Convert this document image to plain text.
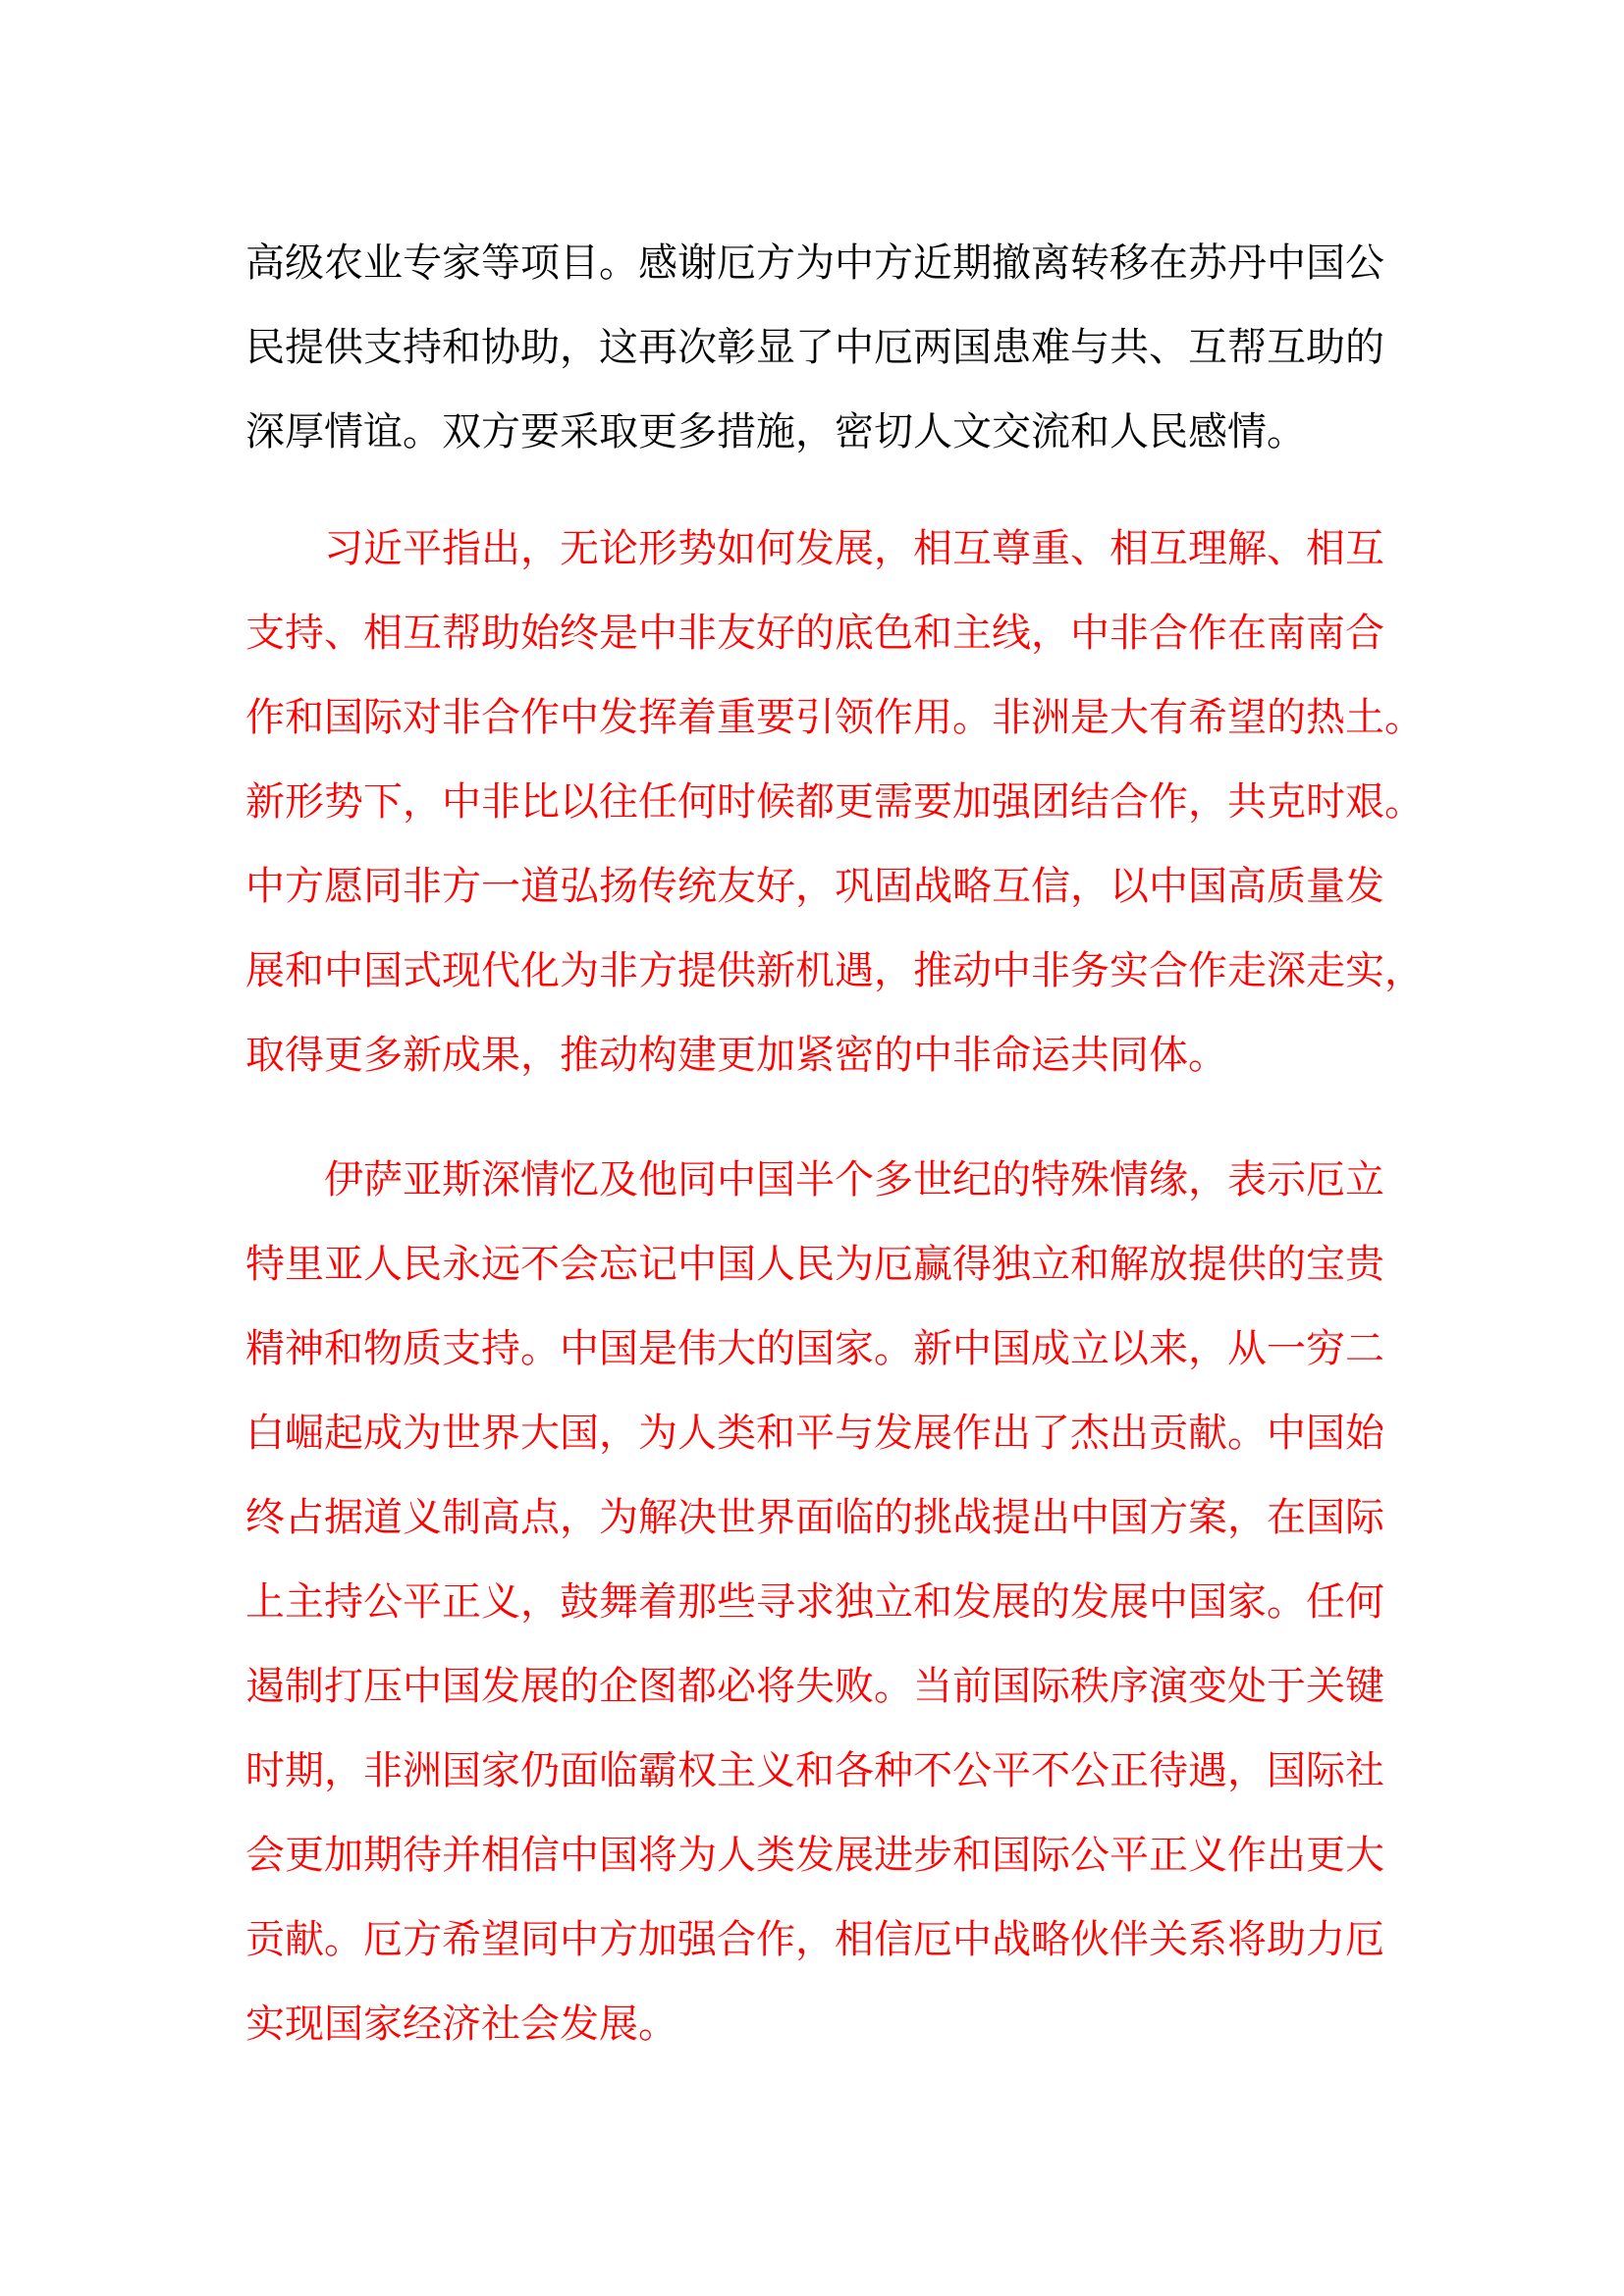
高级农业专家等项目。感谢厄方为中方近期撤离转移在苏丹中国公
民提供支持和协助，这再次彰显了中厄两国患难与共、互帮互助的
深厚情谊。双方要采取更多措施，密切人文交流和人民感情。
　　习近平指出，无论形势如何发展，相互尊重、相互理解、相互
支持、相互帮助始终是中非友好的底色和主线，中非合作在南南合
作和国际对非合作中发挥着重要引领作用。非洲是大有希望的热土。
新形势下，中非比以往任何时候都更需要加强团结合作，共克时艰。
中方愿同非方一道弘扬传统友好，巩固战略互信，以中国高质量发
展和中国式现代化为非方提供新机遇，推动中非务实合作走深走实，
取得更多新成果，推动构建更加紧密的中非命运共同体。
　　伊萨亚斯深情忆及他同中国半个多世纪的特殊情缘，表示厄立
特里亚人民永远不会忘记中国人民为厄赢得独立和解放提供的宝贵
精神和物质支持。中国是伟大的国家。新中国成立以来，从一穷二
白崛起成为世界大国，为人类和平与发展作出了杰出贡献。中国始
终占据道义制高点，为解决世界面临的挑战提出中国方案，在国际
上主持公平正义，鼓舞着那些寻求独立和发展的发展中国家。任何
遏制打压中国发展的企图都必将失败。当前国际秩序演变处于关键
时期，非洲国家仍面临霸权主义和各种不公平不公正待遇，国际社
会更加期待并相信中国将为人类发展进步和国际公平正义作出更大
贡献。厄方希望同中方加强合作，相信厄中战略伙伴关系将助力厄
实现国家经济社会发展。
